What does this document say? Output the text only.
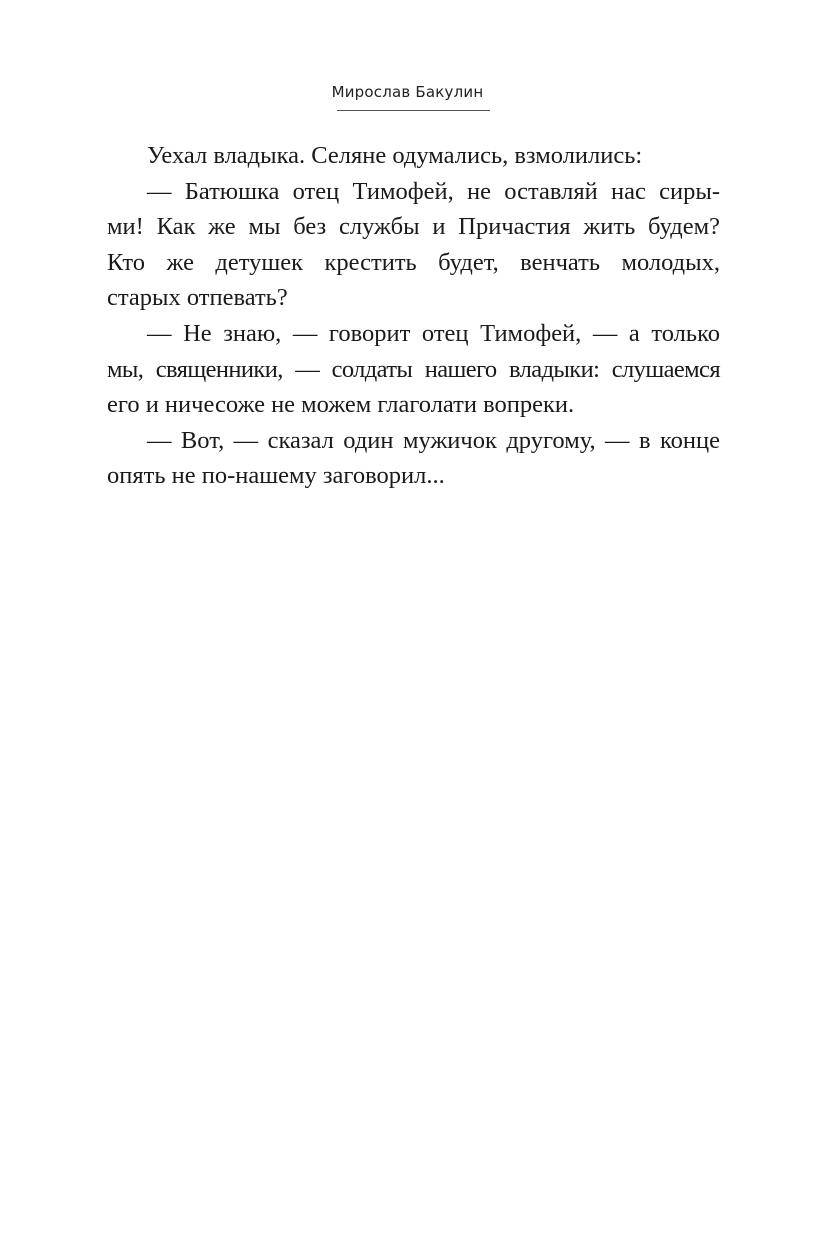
Мирослав Бакулин
Уехал владыка. Селяне одумались, взмолились:
— Батюшка отец Тимофей, не оставляй нас сиры-
ми! Как же мы без службы и Причастия жить будем?
Кто же детушек крестить будет, венчать молодых,
старых отпевать?
— Не знаю, — говорит отец Тимофей, — а только
мы, священники, — солдаты нашего владыки: слушаемся
его и ничесоже не можем глаголати вопреки.
— Вот, — сказал один мужичок другому, — в конце
опять не по-нашему заговорил...
